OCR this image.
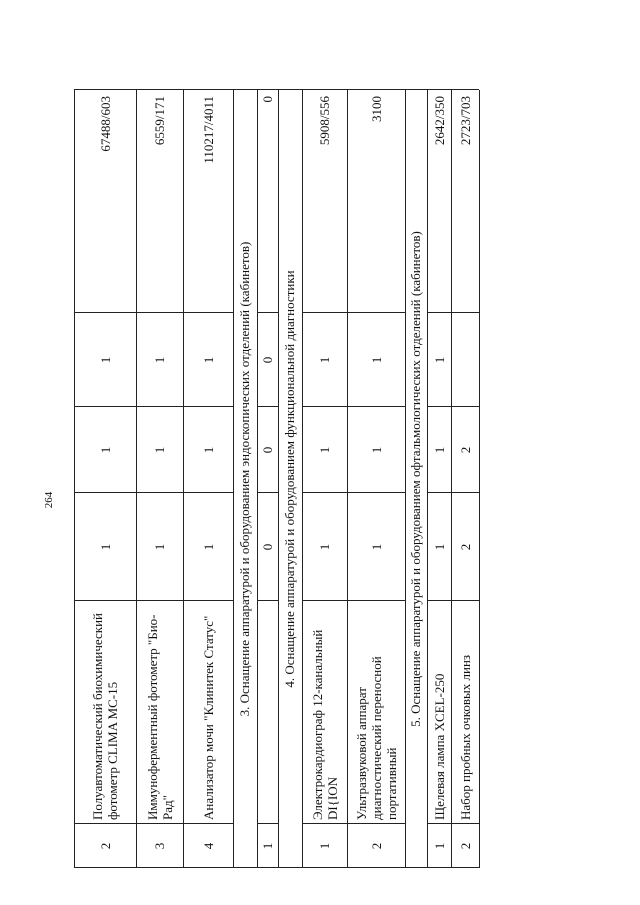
264
2
Полуавтоматический биохимический фотометр CLIMA MC-15
1
1
1
67488/603
3
Иммуноферментный фотометр "Био-Рад"
1
1
1
6559/171
4
Анализатор мочи "Клинитек Статус"
1
1
1
110217/4011
3. Оснащение аппаратурой и оборудованием эндоскопических отделений (кабинетов)
1
0
0
0
0
4. Оснащение аппаратурой и оборудованием функциональной диагностики
1
Электрокардиограф 12-канальный DI{ION
1
1
1
5908/556
2
Ультразвуковой аппарат диагностический переносной портативный
1
1
1
3100
5. Оснащение аппаратурой и оборудованием офтальмологических отделений (кабинетов)
1
Щелевая лампа XCEL-250
1
1
1
2642/350
2
Набор пробных очковых линз
2
2
2723/703
